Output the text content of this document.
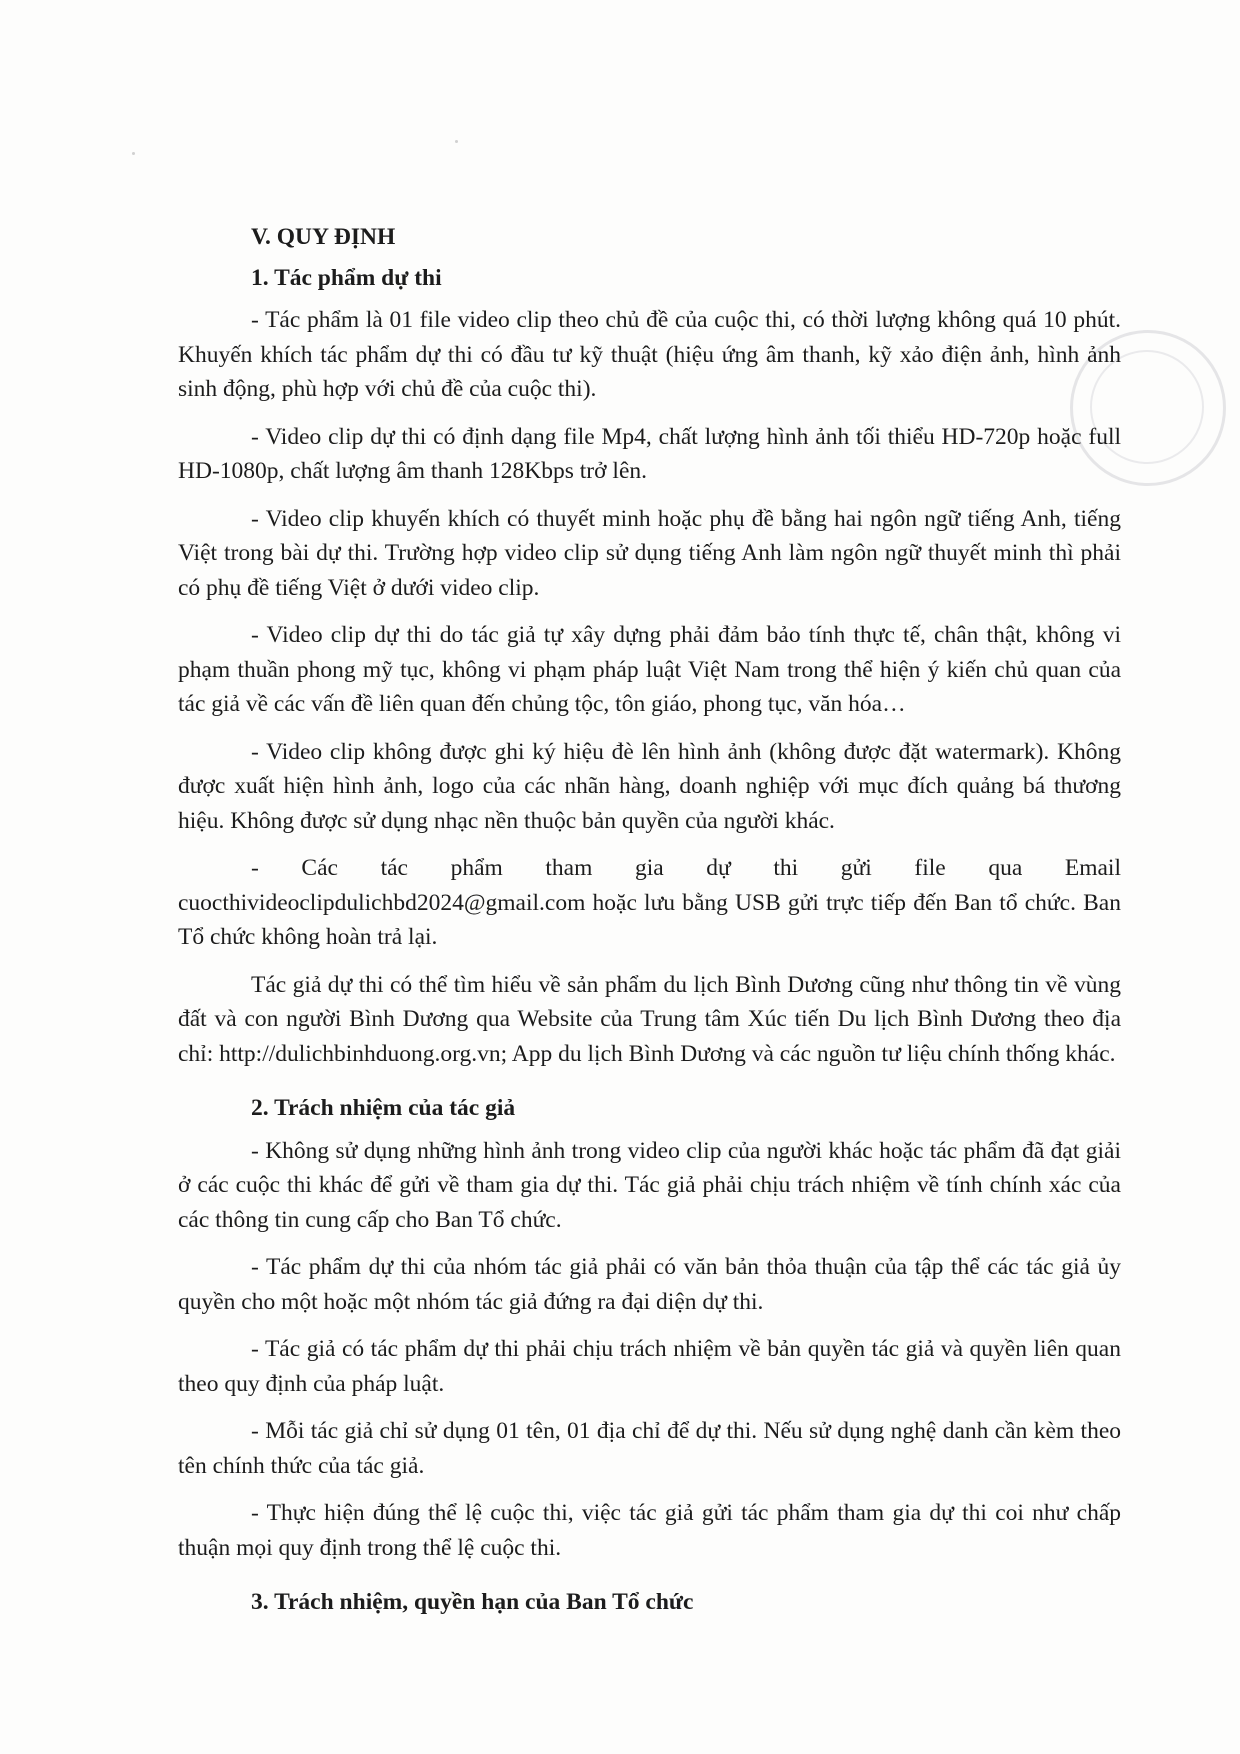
V. QUY ĐỊNH
1. Tác phẩm dự thi

- Tác phẩm là 01 file video clip theo chủ đề của cuộc thi, có thời lượng không quá 10 phút. Khuyến khích tác phẩm dự thi có đầu tư kỹ thuật (hiệu ứng âm thanh, kỹ xảo điện ảnh, hình ảnh sinh động, phù hợp với chủ đề của cuộc thi).

- Video clip dự thi có định dạng file Mp4, chất lượng hình ảnh tối thiểu HD-720p hoặc full HD-1080p, chất lượng âm thanh 128Kbps trở lên.

- Video clip khuyến khích có thuyết minh hoặc phụ đề bằng hai ngôn ngữ tiếng Anh, tiếng Việt trong bài dự thi. Trường hợp video clip sử dụng tiếng Anh làm ngôn ngữ thuyết minh thì phải có phụ đề tiếng Việt ở dưới video clip.

- Video clip dự thi do tác giả tự xây dựng phải đảm bảo tính thực tế, chân thật, không vi phạm thuần phong mỹ tục, không vi phạm pháp luật Việt Nam trong thể hiện ý kiến chủ quan của tác giả về các vấn đề liên quan đến chủng tộc, tôn giáo, phong tục, văn hóa…

- Video clip không được ghi ký hiệu đè lên hình ảnh (không được đặt watermark). Không được xuất hiện hình ảnh, logo của các nhãn hàng, doanh nghiệp với mục đích quảng bá thương hiệu. Không được sử dụng nhạc nền thuộc bản quyền của người khác.

- Các tác phẩm tham gia dự thi gửi file qua Email cuocthivideoclipdulichbd2024@gmail.com hoặc lưu bằng USB gửi trực tiếp đến Ban tổ chức. Ban Tổ chức không hoàn trả lại.

Tác giả dự thi có thể tìm hiểu về sản phẩm du lịch Bình Dương cũng như thông tin về vùng đất và con người Bình Dương qua Website của Trung tâm Xúc tiến Du lịch Bình Dương theo địa chỉ: http://dulichbinhduong.org.vn; App du lịch Bình Dương và các nguồn tư liệu chính thống khác.

2. Trách nhiệm của tác giả

- Không sử dụng những hình ảnh trong video clip của người khác hoặc tác phẩm đã đạt giải ở các cuộc thi khác để gửi về tham gia dự thi. Tác giả phải chịu trách nhiệm về tính chính xác của các thông tin cung cấp cho Ban Tổ chức.

- Tác phẩm dự thi của nhóm tác giả phải có văn bản thỏa thuận của tập thể các tác giả ủy quyền cho một hoặc một nhóm tác giả đứng ra đại diện dự thi.

- Tác giả có tác phẩm dự thi phải chịu trách nhiệm về bản quyền tác giả và quyền liên quan theo quy định của pháp luật.

- Mỗi tác giả chỉ sử dụng 01 tên, 01 địa chỉ để dự thi. Nếu sử dụng nghệ danh cần kèm theo tên chính thức của tác giả.

- Thực hiện đúng thể lệ cuộc thi, việc tác giả gửi tác phẩm tham gia dự thi coi như chấp thuận mọi quy định trong thể lệ cuộc thi.

3. Trách nhiệm, quyền hạn của Ban Tổ chức
